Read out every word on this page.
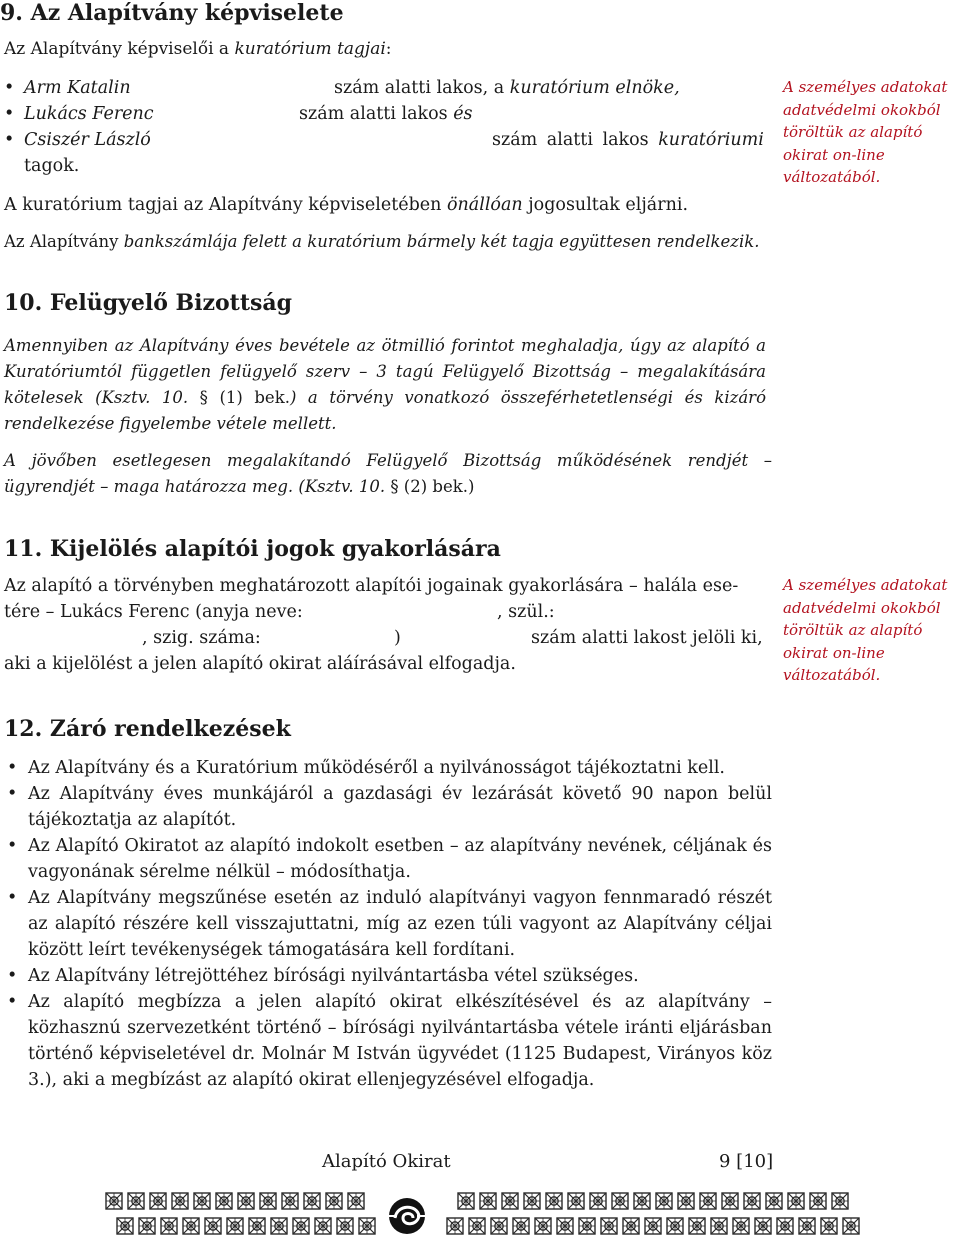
9. Az Alapítvány képviselete
Az Alapítvány képviselői a kuratórium tagjai:
• Arm Katalin	szám alatti lakos, a kuratórium elnöke,
• Lukács Ferenc	szám alatti lakos és
• Csiszér László	szám alatti lakos kuratóriumi
tagok.
A személyes adatokat adatvédelmi okokból töröltük az alapító okirat on-line változatából.
A kuratórium tagjai az Alapítvány képviseletében önállóan jogosultak eljárni.
Az Alapítvány bankszámlája felett a kuratórium bármely két tagja együttesen rendelkezik.
10. Felügyelő Bizottság
Amennyiben az Alapítvány éves bevétele az ötmillió forintot meghaladja, úgy az alapító a Kuratóriumtól független felügyelő szerv – 3 tagú Felügyelő Bizottság – megalakítására kötelesek (Ksztv. 10. § (1) bek.) a törvény vonatkozó összeférhetetlenségi és kizáró rendelkezése figyelembe vétele mellett.
A jövőben esetlegesen megalakítandó Felügyelő Bizottság működésének rendjét – ügyrendjét – maga határozza meg. (Ksztv. 10. § (2) bek.)
11. Kijelölés alapítói jogok gyakorlására
Az alapító a törvényben meghatározott alapítói jogainak gyakorlására – halála ese-
tére – Lukács Ferenc (anyja neve:	, szül.:
, szig. száma:	)	szám alatti lakost jelöli ki,
aki a kijelölést a jelen alapító okirat aláírásával elfogadja.
A személyes adatokat adatvédelmi okokból töröltük az alapító okirat on-line változatából.
12. Záró rendelkezések
• Az Alapítvány és a Kuratórium működéséről a nyilvánosságot tájékoztatni kell.
• Az Alapítvány éves munkájáról a gazdasági év lezárását követő 90 napon belül tájékoztatja az alapítót.
• Az Alapító Okiratot az alapító indokolt esetben – az alapítvány nevének, céljának és vagyonának sérelme nélkül – módosíthatja.
• Az Alapítvány megszűnése esetén az induló alapítványi vagyon fennmaradó részét az alapító részére kell visszajuttatni, míg az ezen túli vagyont az Alapítvány céljai között leírt tevékenységek támogatására kell fordítani.
• Az Alapítvány létrejöttéhez bírósági nyilvántartásba vétel szükséges.
• Az alapító megbízza a jelen alapító okirat elkészítésével és az alapítvány – közhasznú szervezetként történő – bírósági nyilvántartásba vétele iránti eljárásban történő képviseletével dr. Molnár M István ügyvédet (1125 Budapest, Virányos köz 3.), aki a megbízást az alapító okirat ellenjegyzésével elfogadja.
Alapító Okirat	9 [10]
